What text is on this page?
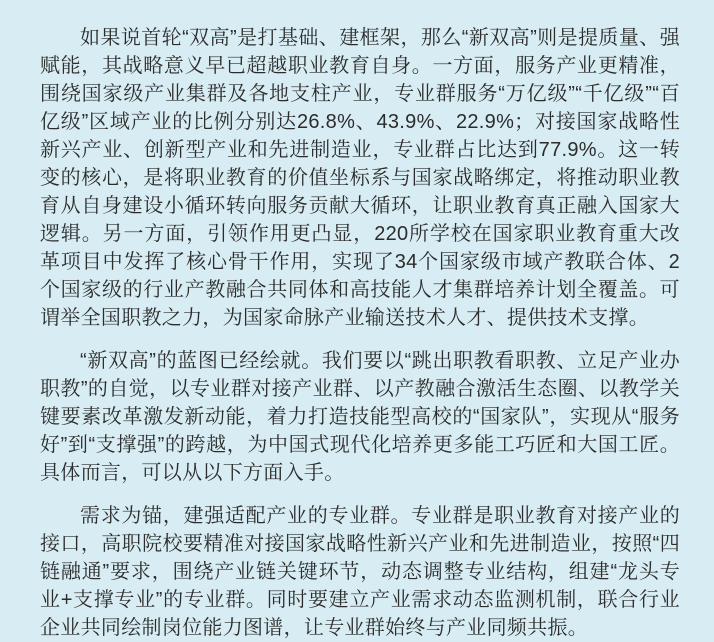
如果说首轮“双高”是打基础、建框架，那么“新双高”则是提质量、强赋能，其战略意义早已超越职业教育自身。一方面，服务产业更精准，围绕国家级产业集群及各地支柱产业，专业群服务“万亿级”“千亿级”“百亿级”区域产业的比例分别达26.8%、43.9%、22.9%；对接国家战略性新兴产业、创新型产业和先进制造业，专业群占比达到77.9%。这一转变的核心，是将职业教育的价值坐标系与国家战略绑定，将推动职业教育从自身建设小循环转向服务贡献大循环，让职业教育真正融入国家大逻辑。另一方面，引领作用更凸显，220所学校在国家职业教育重大改革项目中发挥了核心骨干作用，实现了34个国家级市域产教联合体、2个国家级的行业产教融合共同体和高技能人才集群培养计划全覆盖。可谓举全国职教之力，为国家命脉产业输送技术人才、提供技术支撑。

“新双高”的蓝图已经绘就。我们要以“跳出职教看职教、立足产业办职教”的自觉，以专业群对接产业群、以产教融合激活生态圈、以教学关键要素改革激发新动能，着力打造技能型高校的“国家队”，实现从“服务好”到“支撑强”的跨越，为中国式现代化培养更多能工巧匠和大国工匠。具体而言，可以从以下方面入手。

需求为锚，建强适配产业的专业群。专业群是职业教育对接产业的接口，高职院校要精准对接国家战略性新兴产业和先进制造业，按照“四链融通”要求，围绕产业链关键环节，动态调整专业结构，组建“龙头专业+支撑专业”的专业群。同时要建立产业需求动态监测机制，联合行业企业共同绘制岗位能力图谱，让专业群始终与产业同频共振。
